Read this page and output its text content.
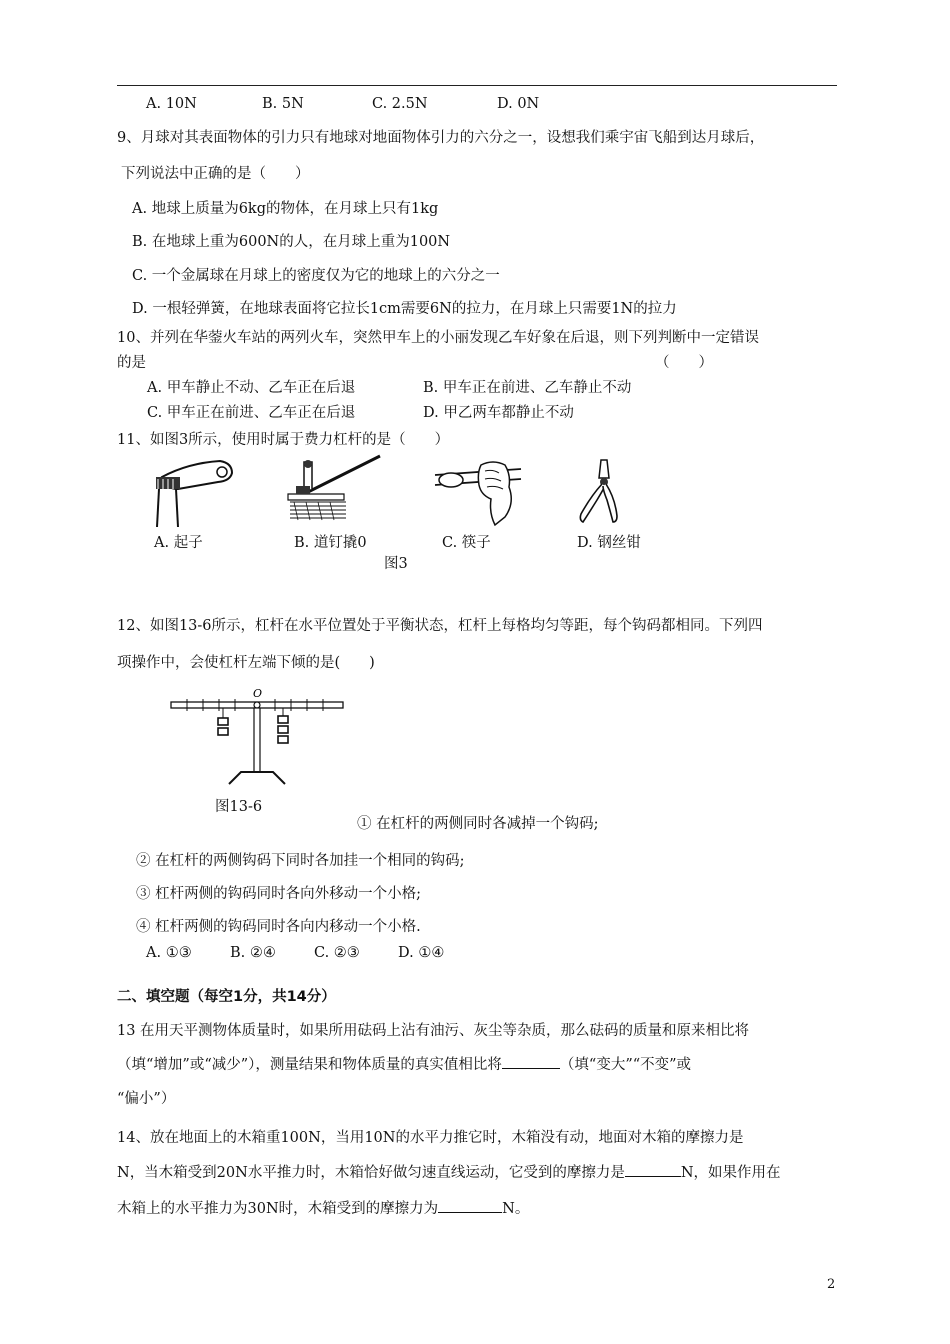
A. 10N	B. 5N	C. 2.5N	D. 0N
9、月球对其表面物体的引力只有地球对地面物体引力的六分之一，设想我们乘宇宙飞船到达月球后，
下列说法中正确的是（　　）
A. 地球上质量为6kg的物体，在月球上只有1kg
B. 在地球上重为600N的人，在月球上重为100N
C. 一个金属球在月球上的密度仅为它的地球上的六分之一
D. 一根轻弹簧，在地球表面将它拉长1cm需要6N的拉力，在月球上只需要1N的拉力
10、并列在华蓥火车站的两列火车，突然甲车上的小丽发现乙车好象在后退，则下列判断中一定错误
的是	（　　）
A. 甲车静止不动、乙车正在后退	B. 甲车正在前进、乙车静止不动
C. 甲车正在前进、乙车正在后退	D. 甲乙两车都静止不动
11、如图3所示，使用时属于费力杠杆的是（　　）
A. 起子	B. 道钉撬0	C. 筷子	D. 钢丝钳
图3
12、如图13-6所示，杠杆在水平位置处于平衡状态，杠杆上每格均匀等距，每个钩码都相同。下列四
项操作中，会使杠杆左端下倾的是(　　)
O
图13-6
① 在杠杆的两侧同时各减掉一个钩码;
② 在杠杆的两侧钩码下同时各加挂一个相同的钩码;
③ 杠杆两侧的钩码同时各向外移动一个小格;
④ 杠杆两侧的钩码同时各向内移动一个小格.
A. ①③	B. ②④	C. ②③	D. ①④
二、填空题（每空1分，共14分）
13 在用天平测物体质量时，如果所用砝码上沾有油污、灰尘等杂质，那么砝码的质量和原来相比将
（填“增加”或“减少”），测量结果和物体质量的真实值相比将	（填“变大”“不变”或
“偏小”）
14、放在地面上的木箱重100N，当用10N的水平力推它时，木箱没有动，地面对木箱的摩擦力是
N，当木箱受到20N水平推力时，木箱恰好做匀速直线运动，它受到的摩擦力是	N，如果作用在
木箱上的水平推力为30N时，木箱受到的摩擦力为	N。
2
